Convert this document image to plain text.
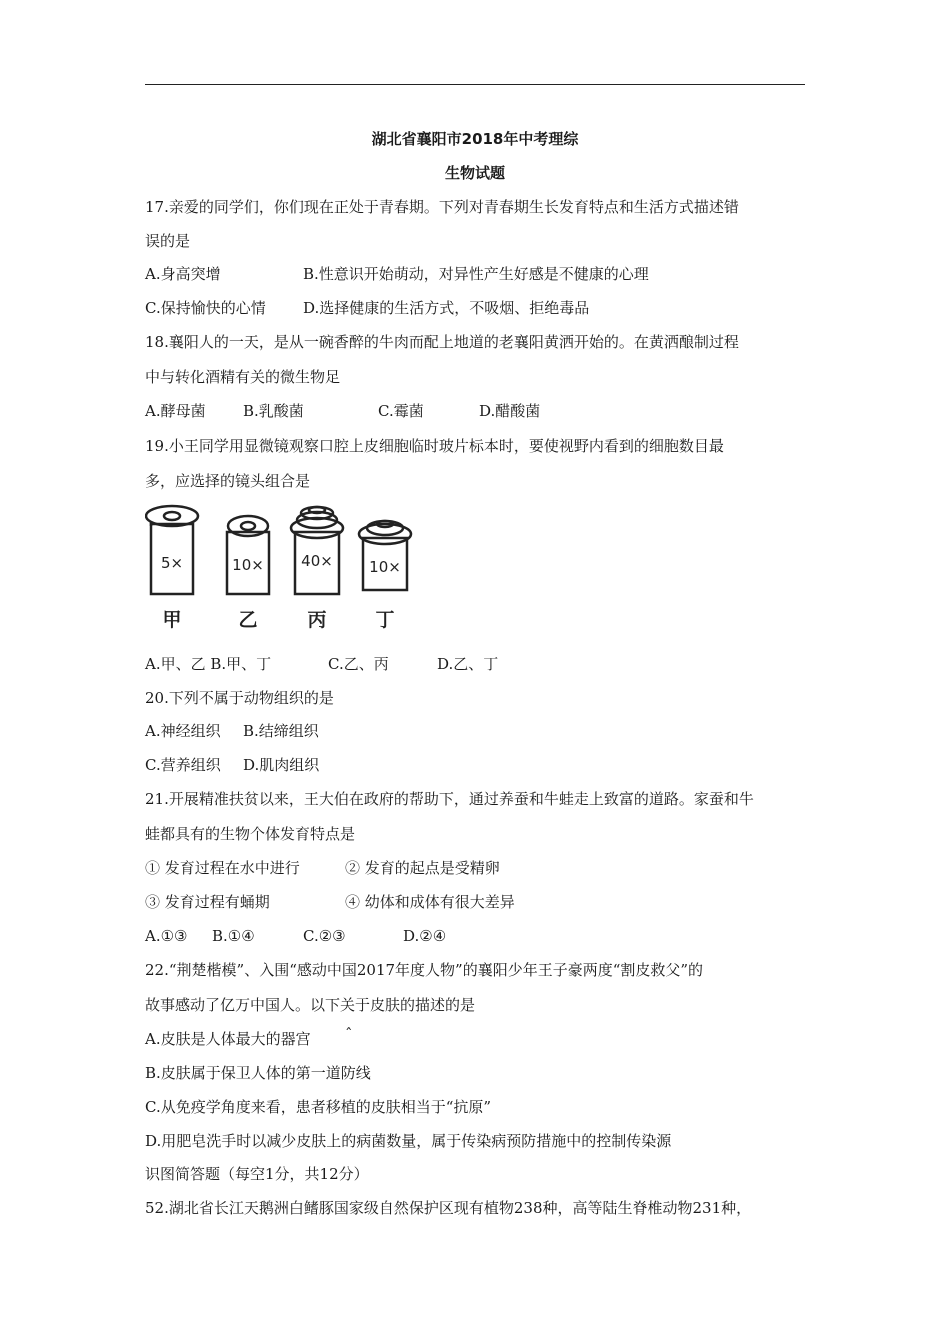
湖北省襄阳市2018年中考理综
生物试题
17.亲爱的同学们，你们现在正处于青春期。下列对青春期生长发育特点和生活方式描述错
误的是
A.身高突增	B.性意识开始萌动，对异性产生好感是不健康的心理
C.保持愉快的心情 D.选择健康的生活方式，不吸烟、拒绝毒品
18.襄阳人的一天，是从一碗香醉的牛肉而配上地道的老襄阳黄洒开始的。在黄洒酿制过程
中与转化酒精有关的微生物足
A.酵母菌 B.乳酸菌	C.霉菌	D.醋酸菌
19.小王同学用显微镜观察口腔上皮细胞临时玻片标本时，要使视野内看到的细胞数目最
多，应选择的镜头组合是
5×	10× 40× 10×
甲	乙	丙	丁
A.甲、乙 B.甲、丁	C.乙、丙	D.乙、丁
20.下列不属于动物组织的是
A.神经组织 B.结缔组织
C.营养组织 D.肌肉组织
21.开展精准扶贫以来，王大伯在政府的帮助下，通过养蚕和牛蛙走上致富的道路。家蚕和牛
蛙都具有的生物个体发育特点是
① 发育过程在水中进行	② 发育的起点是受精卵
③ 发育过程有蛹期	④ 幼体和成体有很大差异
A.①③ B.①④	C.②③	D.②④
22.“荆楚楷模”、入围“感动中国2017年度人物”的襄阳少年王子豪两度“割皮救父”的
故事感动了亿万中国人。以下关于皮肤的描述的是
A.皮肤是人体最大的器宫 ˆ
B.皮肤属于保卫人体的第一道防线
C.从免疫学角度来看，患者移植的皮肤相当于“抗原”
D.用肥皂洗手时以减少皮肤上的病菌数量，属于传染病预防措施中的控制传染源
识图简答题（每空1分，共12分）
52.湖北省长江天鹅洲白鳍豚国家级自然保护区现有植物238种，高等陆生脊椎动物231种，
